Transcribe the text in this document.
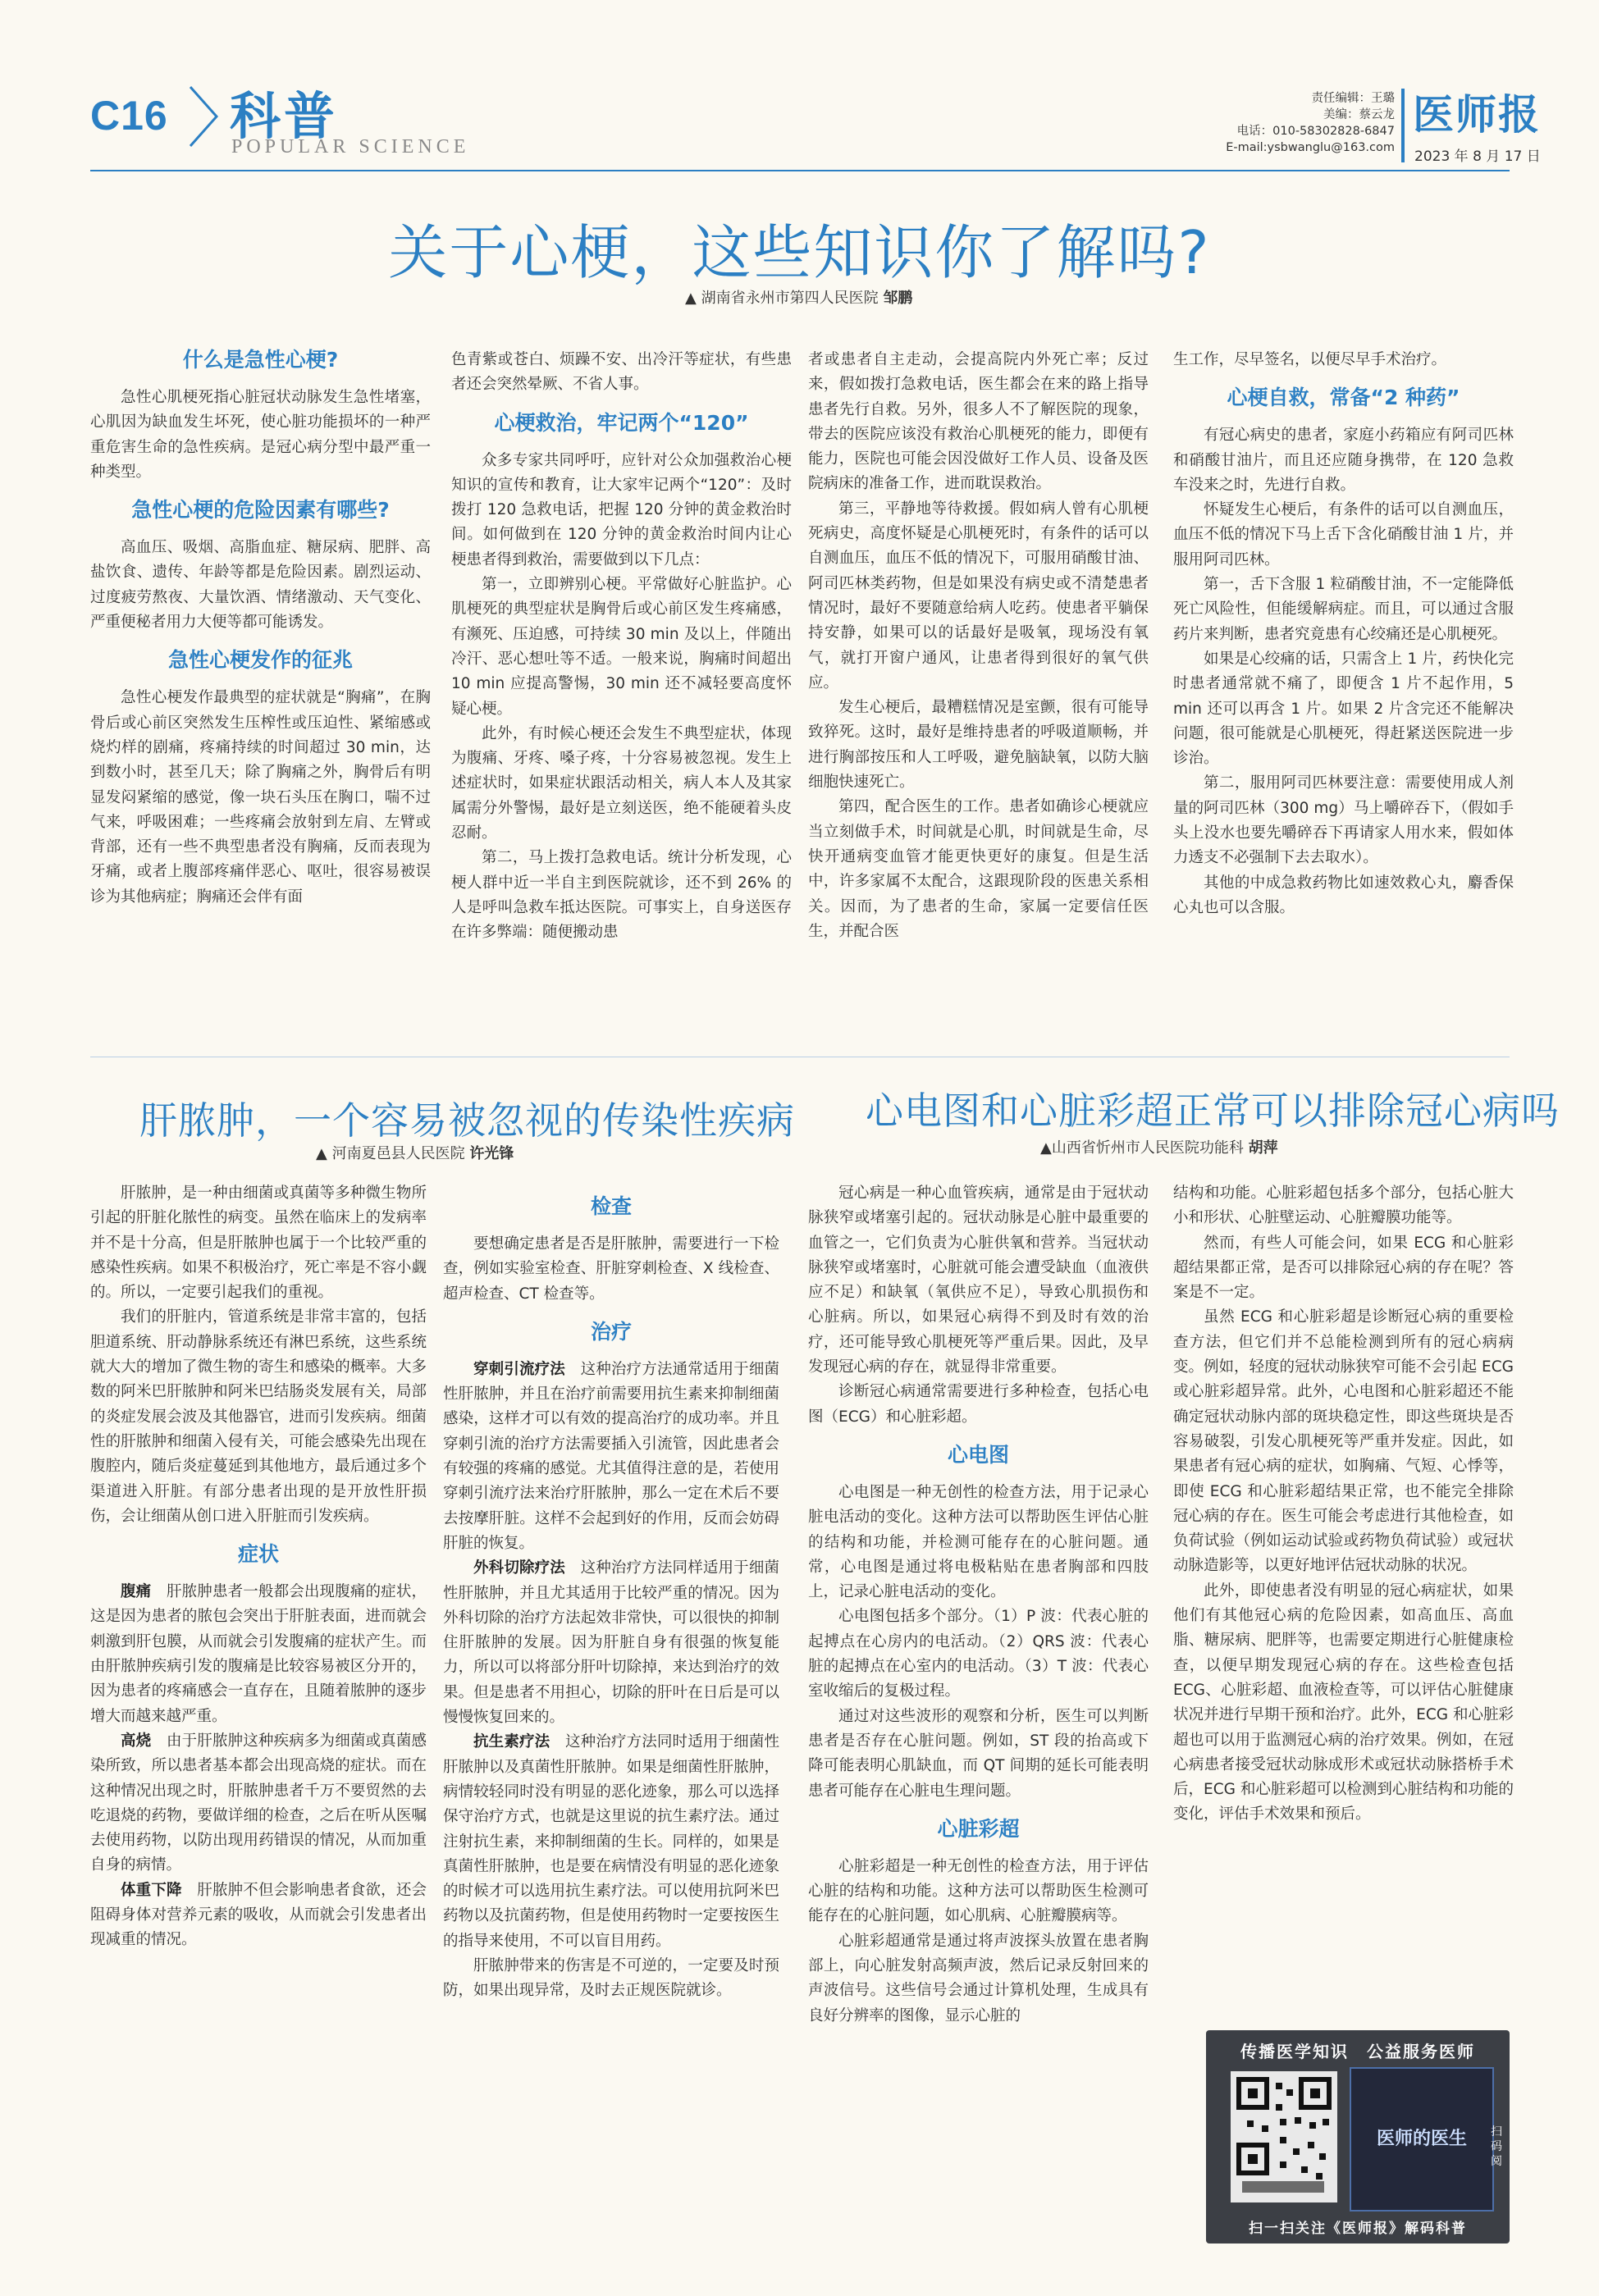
C16 科普
POPULAR SCIENCE
责任编辑：王璐
美编：蔡云龙
电话：010-58302828-6847
E-mail:ysbwanglu@163.com
医师报
2023 年 8 月 17 日
关于心梗，这些知识你了解吗?
▲ 湖南省永州市第四人民医院 邹鹏

什么是急性心梗?

急性心肌梗死指心脏冠状动脉发生急性堵塞，心肌因为缺血发生坏死，使心脏功能损坏的一种严重危害生命的急性疾病。是冠心病分型中最严重一种类型。

急性心梗的危险因素有哪些?

高血压、吸烟、高脂血症、糖尿病、肥胖、高盐饮食、遗传、年龄等都是危险因素。剧烈运动、过度疲劳熬夜、大量饮酒、情绪激动、天气变化、严重便秘者用力大便等都可能诱发。

急性心梗发作的征兆

急性心梗发作最典型的症状就是“胸痛”，在胸骨后或心前区突然发生压榨性或压迫性、紧缩感或烧灼样的剧痛，疼痛持续的时间超过 30 min，达到数小时，甚至几天；除了胸痛之外，胸骨后有明显发闷紧缩的感觉，像一块石头压在胸口，喘不过气来，呼吸困难；一些疼痛会放射到左肩、左臂或背部，还有一些不典型患者没有胸痛，反而表现为牙痛，或者上腹部疼痛伴恶心、呕吐，很容易被误诊为其他病症；胸痛还会伴有面

色青紫或苍白、烦躁不安、出冷汗等症状，有些患者还会突然晕厥、不省人事。

心梗救治，牢记两个“120”

众多专家共同呼吁，应针对公众加强救治心梗知识的宣传和教育，让大家牢记两个“120”：及时拨打 120 急救电话，把握 120 分钟的黄金救治时间。如何做到在 120 分钟的黄金救治时间内让心梗患者得到救治，需要做到以下几点：

第一，立即辨别心梗。平常做好心脏监护。心肌梗死的典型症状是胸骨后或心前区发生疼痛感，有濒死、压迫感，可持续 30 min 及以上，伴随出冷汗、恶心想吐等不适。一般来说，胸痛时间超出 10 min 应提高警惕，30 min 还不减轻要高度怀疑心梗。

此外，有时候心梗还会发生不典型症状，体现为腹痛、牙疼、嗓子疼，十分容易被忽视。发生上述症状时，如果症状跟活动相关，病人本人及其家属需分外警惕，最好是立刻送医，绝不能硬着头皮忍耐。

第二，马上拨打急救电话。统计分析发现，心梗人群中近一半自主到医院就诊，还不到 26% 的人是呼叫急救车抵达医院。可事实上，自身送医存在许多弊端：随便搬动患

者或患者自主走动，会提高院内外死亡率；反过来，假如拨打急救电话，医生都会在来的路上指导患者先行自救。另外，很多人不了解医院的现象，带去的医院应该没有救治心肌梗死的能力，即便有能力，医院也可能会因没做好工作人员、设备及医院病床的准备工作，进而耽误救治。

第三，平静地等待救援。假如病人曾有心肌梗死病史，高度怀疑是心肌梗死时，有条件的话可以自测血压，血压不低的情况下，可服用硝酸甘油、阿司匹林类药物，但是如果没有病史或不清楚患者情况时，最好不要随意给病人吃药。使患者平躺保持安静，如果可以的话最好是吸氧，现场没有氧气，就打开窗户通风，让患者得到很好的氧气供应。

发生心梗后，最糟糕情况是室颤，很有可能导致猝死。这时，最好是维持患者的呼吸道顺畅，并进行胸部按压和人工呼吸，避免脑缺氧，以防大脑细胞快速死亡。

第四，配合医生的工作。患者如确诊心梗就应当立刻做手术，时间就是心肌，时间就是生命，尽快开通病变血管才能更快更好的康复。但是生活中，许多家属不太配合，这跟现阶段的医患关系相关。因而，为了患者的生命，家属一定要信任医生，并配合医

生工作，尽早签名，以便尽早手术治疗。

心梗自救，常备“2 种药”

有冠心病史的患者，家庭小药箱应有阿司匹林和硝酸甘油片，而且还应随身携带，在 120 急救车没来之时，先进行自救。

怀疑发生心梗后，有条件的话可以自测血压，血压不低的情况下马上舌下含化硝酸甘油 1 片，并服用阿司匹林。

第一，舌下含服 1 粒硝酸甘油，不一定能降低死亡风险性，但能缓解病症。而且，可以通过含服药片来判断，患者究竟患有心绞痛还是心肌梗死。

如果是心绞痛的话，只需含上 1 片，药快化完时患者通常就不痛了，即便含 1 片不起作用，5 min 还可以再含 1 片。如果 2 片含完还不能解决问题，很可能就是心肌梗死，得赶紧送医院进一步诊治。

第二，服用阿司匹林要注意：需要使用成人剂量的阿司匹林（300 mg）马上嚼碎吞下，（假如手头上没水也要先嚼碎吞下再请家人用水来，假如体力透支不必强制下去去取水）。

其他的中成急救药物比如速效救心丸，麝香保心丸也可以含服。

肝脓肿，一个容易被忽视的传染性疾病
▲ 河南夏邑县人民医院 许光锋

肝脓肿，是一种由细菌或真菌等多种微生物所引起的肝脏化脓性的病变。虽然在临床上的发病率并不是十分高，但是肝脓肿也属于一个比较严重的感染性疾病。如果不积极治疗，死亡率是不容小觑的。所以，一定要引起我们的重视。

我们的肝脏内，管道系统是非常丰富的，包括胆道系统、肝动静脉系统还有淋巴系统，这些系统就大大的增加了微生物的寄生和感染的概率。大多数的阿米巴肝脓肿和阿米巴结肠炎发展有关，局部的炎症发展会波及其他器官，进而引发疾病。细菌性的肝脓肿和细菌入侵有关，可能会感染先出现在腹腔内，随后炎症蔓延到其他地方，最后通过多个渠道进入肝脏。有部分患者出现的是开放性肝损伤，会让细菌从创口进入肝脏而引发疾病。

症状

腹痛　肝脓肿患者一般都会出现腹痛的症状，这是因为患者的脓包会突出于肝脏表面，进而就会刺激到肝包膜，从而就会引发腹痛的症状产生。而由肝脓肿疾病引发的腹痛是比较容易被区分开的，因为患者的疼痛感会一直存在，且随着脓肿的逐步增大而越来越严重。

高烧　由于肝脓肿这种疾病多为细菌或真菌感染所致，所以患者基本都会出现高烧的症状。而在这种情况出现之时，肝脓肿患者千万不要贸然的去吃退烧的药物，要做详细的检查，之后在听从医嘱去使用药物，以防出现用药错误的情况，从而加重自身的病情。

体重下降　肝脓肿不但会影响患者食欲，还会阻碍身体对营养元素的吸收，从而就会引发患者出现减重的情况。

检查

要想确定患者是否是肝脓肿，需要进行一下检查，例如实验室检查、肝脏穿刺检查、X 线检查、超声检查、CT 检查等。

治疗

穿刺引流疗法　这种治疗方法通常适用于细菌性肝脓肿，并且在治疗前需要用抗生素来抑制细菌感染，这样才可以有效的提高治疗的成功率。并且穿刺引流的治疗方法需要插入引流管，因此患者会有较强的疼痛的感觉。尤其值得注意的是，若使用穿刺引流疗法来治疗肝脓肿，那么一定在术后不要去按摩肝脏。这样不会起到好的作用，反而会妨碍肝脏的恢复。

外科切除疗法　这种治疗方法同样适用于细菌性肝脓肿，并且尤其适用于比较严重的情况。因为外科切除的治疗方法起效非常快，可以很快的抑制住肝脓肿的发展。因为肝脏自身有很强的恢复能力，所以可以将部分肝叶切除掉，来达到治疗的效果。但是患者不用担心，切除的肝叶在日后是可以慢慢恢复回来的。

抗生素疗法　这种治疗方法同时适用于细菌性肝脓肿以及真菌性肝脓肿。如果是细菌性肝脓肿，病情较轻同时没有明显的恶化迹象，那么可以选择保守治疗方式，也就是这里说的抗生素疗法。通过注射抗生素，来抑制细菌的生长。同样的，如果是真菌性肝脓肿，也是要在病情没有明显的恶化迹象的时候才可以选用抗生素疗法。可以使用抗阿米巴药物以及抗菌药物，但是使用药物时一定要按医生的指导来使用，不可以盲目用药。

肝脓肿带来的伤害是不可逆的，一定要及时预防，如果出现异常，及时去正规医院就诊。

心电图和心脏彩超正常可以排除冠心病吗
▲山西省忻州市人民医院功能科 胡萍

冠心病是一种心血管疾病，通常是由于冠状动脉狭窄或堵塞引起的。冠状动脉是心脏中最重要的血管之一，它们负责为心脏供氧和营养。当冠状动脉狭窄或堵塞时，心脏就可能会遭受缺血（血液供应不足）和缺氧（氧供应不足），导致心肌损伤和心脏病。所以，如果冠心病得不到及时有效的治疗，还可能导致心肌梗死等严重后果。因此，及早发现冠心病的存在，就显得非常重要。

诊断冠心病通常需要进行多种检查，包括心电图（ECG）和心脏彩超。

心电图

心电图是一种无创性的检查方法，用于记录心脏电活动的变化。这种方法可以帮助医生评估心脏的结构和功能，并检测可能存在的心脏问题。通常，心电图是通过将电极粘贴在患者胸部和四肢上，记录心脏电活动的变化。

心电图包括多个部分。（1）P 波：代表心脏的起搏点在心房内的电活动。（2）QRS 波：代表心脏的起搏点在心室内的电活动。（3）T 波：代表心室收缩后的复极过程。

通过对这些波形的观察和分析，医生可以判断患者是否存在心脏问题。例如，ST 段的抬高或下降可能表明心肌缺血，而 QT 间期的延长可能表明患者可能存在心脏电生理问题。

心脏彩超

心脏彩超是一种无创性的检查方法，用于评估心脏的结构和功能。这种方法可以帮助医生检测可能存在的心脏问题，如心肌病、心脏瓣膜病等。

心脏彩超通常是通过将声波探头放置在患者胸部上，向心脏发射高频声波，然后记录反射回来的声波信号。这些信号会通过计算机处理，生成具有良好分辨率的图像，显示心脏的

结构和功能。心脏彩超包括多个部分，包括心脏大小和形状、心脏壁运动、心脏瓣膜功能等。

然而，有些人可能会问，如果 ECG 和心脏彩超结果都正常，是否可以排除冠心病的存在呢？答案是不一定。

虽然 ECG 和心脏彩超是诊断冠心病的重要检查方法，但它们并不总能检测到所有的冠心病病变。例如，轻度的冠状动脉狭窄可能不会引起 ECG 或心脏彩超异常。此外，心电图和心脏彩超还不能确定冠状动脉内部的斑块稳定性，即这些斑块是否容易破裂，引发心肌梗死等严重并发症。因此，如果患者有冠心病的症状，如胸痛、气短、心悸等，即使 ECG 和心脏彩超结果正常，也不能完全排除冠心病的存在。医生可能会考虑进行其他检查，如负荷试验（例如运动试验或药物负荷试验）或冠状动脉造影等，以更好地评估冠状动脉的状况。

此外，即使患者没有明显的冠心病症状，如果他们有其他冠心病的危险因素，如高血压、高血脂、糖尿病、肥胖等，也需要定期进行心脏健康检查，以便早期发现冠心病的存在。这些检查包括 ECG、心脏彩超、血液检查等，可以评估心脏健康状况并进行早期干预和治疗。此外，ECG 和心脏彩超也可以用于监测冠心病的治疗效果。例如，在冠心病患者接受冠状动脉成形术或冠状动脉搭桥手术后，ECG 和心脏彩超可以检测到心脏结构和功能的变化，评估手术效果和预后。

传播医学知识　公益服务医师
医师的医生	扫码阅
扫一扫关注《医师报》解码科普
